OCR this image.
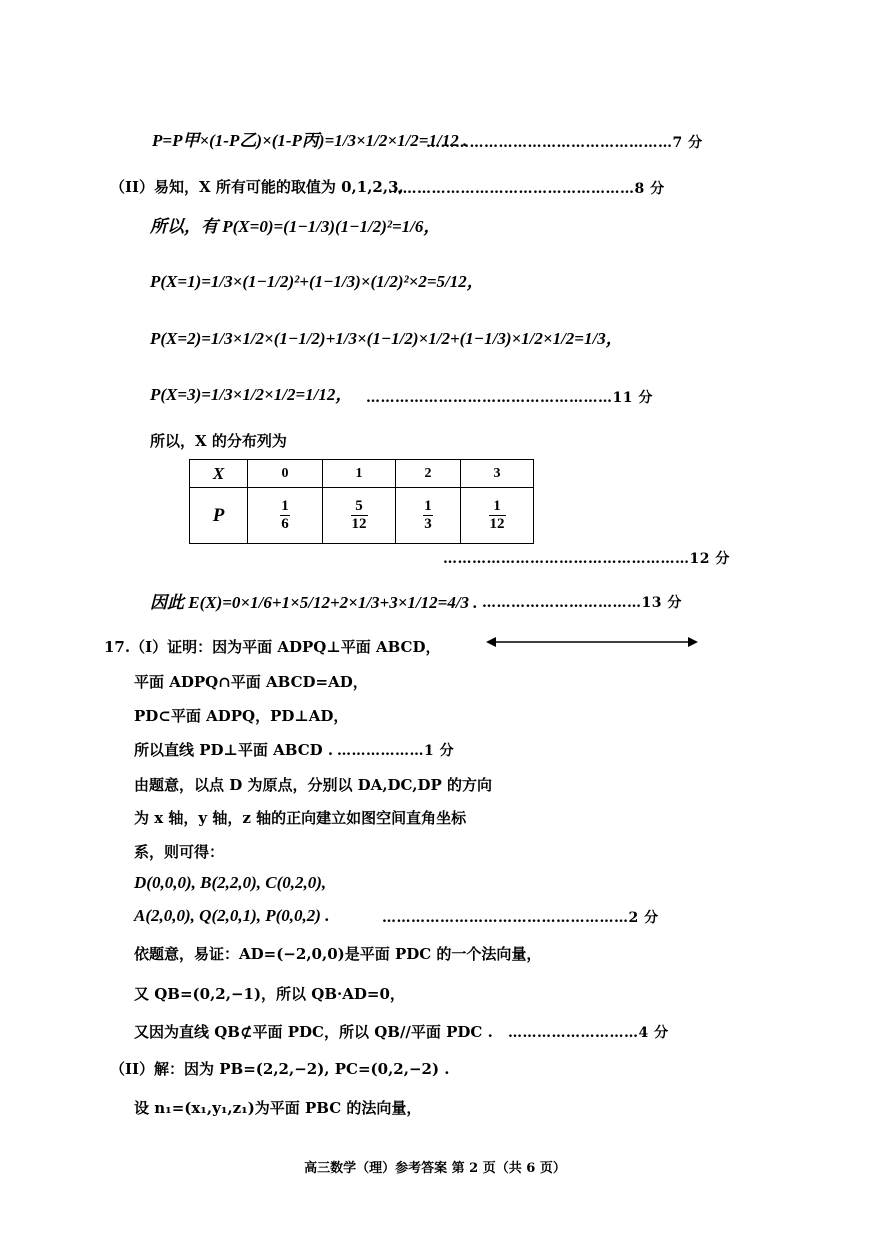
P=P甲×(1-P乙)×(1-P丙)=1/3×1/2×1/2=1/12 .
……………………………………………7 分
（II）易知，X 所有可能的取值为 0,1,2,3,
……………………………………………8 分
所以，有 P(X=0)=(1−1/3)(1−1/2)²=1/6，
P(X=1)=1/3×(1−1/2)²+(1−1/3)×(1/2)²×2=5/12，
P(X=2)=1/3×1/2×(1−1/2)+1/3×(1−1/2)×1/2+(1−1/3)×1/2×1/2=1/3，
P(X=3)=1/3×1/2×1/2=1/12， ……………………………………………11 分
所以，X 的分布列为
X	0	1	2	3
P	$\frac{1}{6}$	$\frac{5}{12}$	$\frac{1}{3}$	$\frac{1}{12}$
……………………………………………12 分
因此 E(X)=0×1/6+1×5/12+2×1/3+3×1/12=4/3 . ……………………………13 分
17.（I）证明：因为平面 ADPQ⊥平面 ABCD，
平面 ADPQ∩平面 ABCD=AD，
PD⊂平面 ADPQ，PD⊥AD，
所以直线 PD⊥平面 ABCD . ………………1 分
由题意，以点 D 为原点，分别以 DA,DC,DP 的方向
为 x 轴，y 轴，z 轴的正向建立如图空间直角坐标
系，则可得：
D(0,0,0), B(2,2,0), C(0,2,0),
A(2,0,0), Q(2,0,1), P(0,0,2) .	……………………………………………2 分
依题意，易证：AD=(−2,0,0)是平面 PDC 的一个法向量，
又 QB=(0,2,−1)，所以 QB·AD=0，
又因为直线 QB⊄平面 PDC，所以 QB//平面 PDC . ………………………4 分
（II）解：因为 PB=(2,2,−2), PC=(0,2,−2) .
设 n₁=(x₁,y₁,z₁)为平面 PBC 的法向量，
高三数学（理）参考答案 第 2 页（共 6 页）
